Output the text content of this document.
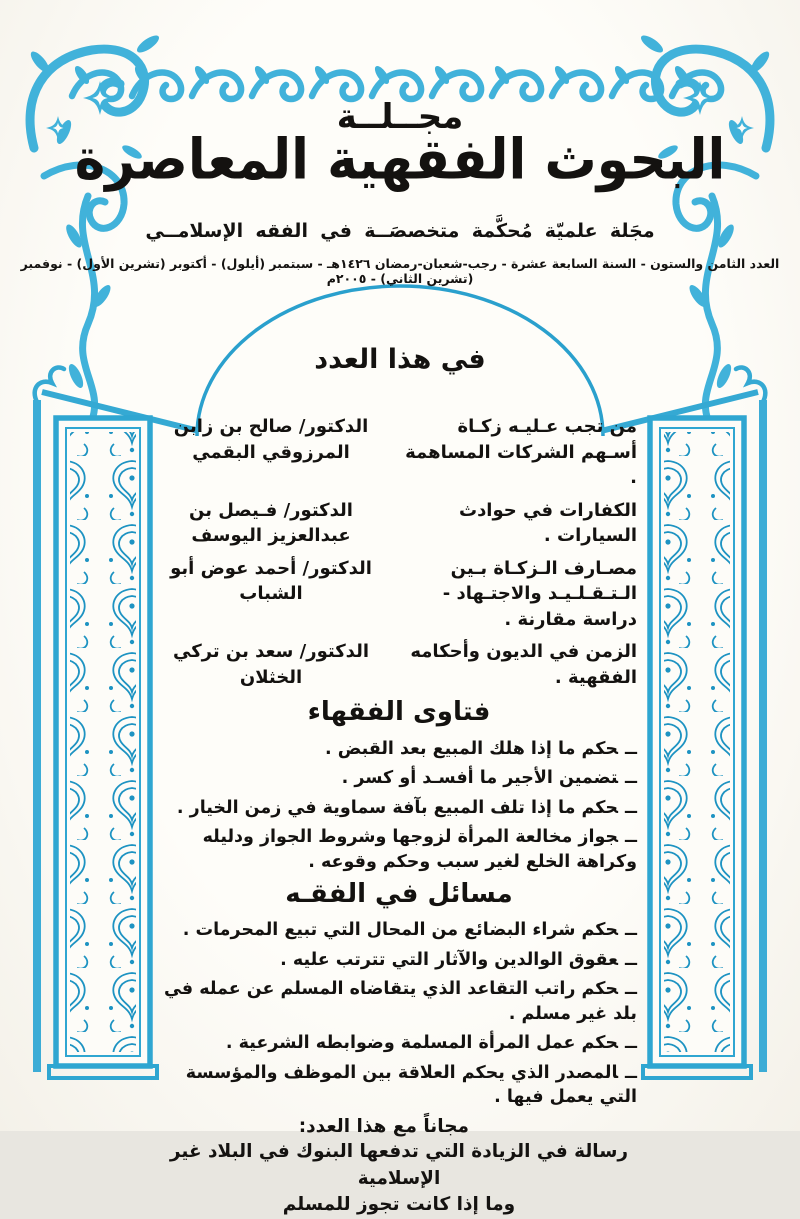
مجــلــة
البحوث الفقهية المعاصرة
مجَلة علميّة مُحكَّمة متخصصَــة في الفقه الإسلامــي
العدد الثامن والستون - السنة السابعة عشرة - رجب-شعبان-رمضان ١٤٢٦هـ - سبتمبر (أيلول) - أكتوبر (تشرين الأول) - نوفمبر (تشرين الثاني) - ٢٠٠٥م
في هذا العدد
من تجب عـليـه زكـاة أسـهم الشركات المساهمة .
الدكتور/ صالح بن زابن المرزوقي البقمي
الكفارات في حوادث السيارات .
الدكتور/ فـيصل بن عبدالعزيز اليوسف
مصـارف الـزكـاة بـين الـتـقـلـيـد والاجتـهاد - دراسة مقارنة .
الدكتور/ أحمد عوض أبو الشباب
الزمن في الديون وأحكامه الفقهية .
الدكتور/ سعد بن تركي الخثلان
فتاوى الفقهاء
ــحكم ما إذا هلك المبيع بعد القبض .
ــتضمين الأجير ما أفسـد أو كسر .
ــحكم ما إذا تلف المبيع بآفة سماوية في زمن الخيار .
ــجواز مخالعة المرأة لزوجها وشروط الجواز ودليله وكراهة الخلع لغير سبب وحكم وقوعه .
مسائل في الفقـه
ــحكم شراء البضائع من المحال التي تبيع المحرمات .
ــعقوق الوالدين والآثار التي تترتب عليه .
ــحكم راتب التقاعد الذي يتقاضاه المسلم عن عمله في بلد غير مسلم .
ــحكم عمل المرأة المسلمة وضوابطه الشرعية .
ــالمصدر الذي يحكم العلاقة بين الموظف والمؤسسة التي يعمل فيها .
مجاناً مع هذا العدد:
رسالة في الزيادة التي تدفعها البنوك في البلاد غير الإسلامية
وما إذا كانت تجوز للمسلم
